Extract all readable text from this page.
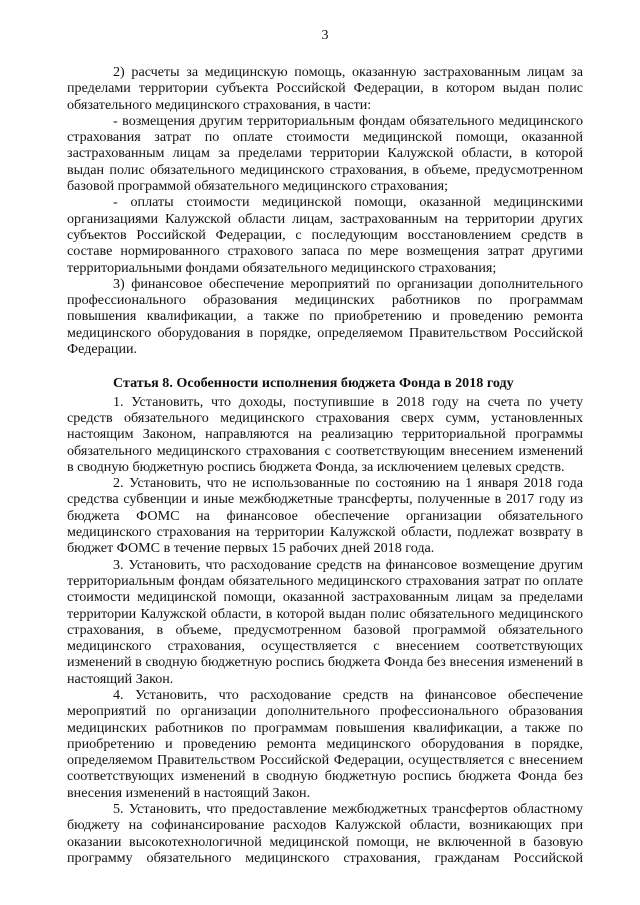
3

2) расчеты за медицинскую помощь, оказанную застрахованным лицам за пределами территории субъекта Российской Федерации, в котором выдан полис обязательного медицинского страхования, в части:

- возмещения другим территориальным фондам обязательного медицинского страхования затрат по оплате стоимости медицинской помощи, оказанной застрахованным лицам за пределами территории Калужской области, в которой выдан полис обязательного медицинского страхования, в объеме, предусмотренном базовой программой обязательного медицинского страхования;

- оплаты стоимости медицинской помощи, оказанной медицинскими организациями Калужской области лицам, застрахованным на территории других субъектов Российской Федерации, с последующим восстановлением средств в составе нормированного страхового запаса по мере возмещения затрат другими территориальными фондами обязательного медицинского страхования;

3) финансовое обеспечение мероприятий по организации дополнительного профессионального образования медицинских работников по программам повышения квалификации, а также по приобретению и проведению ремонта медицинского оборудования в порядке, определяемом Правительством Российской Федерации.

Статья 8. Особенности исполнения бюджета Фонда в 2018 году

1. Установить, что доходы, поступившие в 2018 году на счета по учету средств обязательного медицинского страхования сверх сумм, установленных настоящим Законом, направляются на реализацию территориальной программы обязательного медицинского страхования с соответствующим внесением изменений в сводную бюджетную роспись бюджета Фонда, за исключением целевых средств.

2. Установить, что не использованные по состоянию на 1 января 2018 года средства субвенции и иные межбюджетные трансферты, полученные в 2017 году из бюджета ФОМС на финансовое обеспечение организации обязательного медицинского страхования на территории Калужской области, подлежат возврату в бюджет ФОМС в течение первых 15 рабочих дней 2018 года.

3. Установить, что расходование средств на финансовое возмещение другим территориальным фондам обязательного медицинского страхования затрат по оплате стоимости медицинской помощи, оказанной застрахованным лицам за пределами территории Калужской области, в которой выдан полис обязательного медицинского страхования, в объеме, предусмотренном базовой программой обязательного медицинского страхования, осуществляется с внесением соответствующих изменений в сводную бюджетную роспись бюджета Фонда без внесения изменений в настоящий Закон.

4. Установить, что расходование средств на финансовое обеспечение мероприятий по организации дополнительного профессионального образования медицинских работников по программам повышения квалификации, а также по приобретению и проведению ремонта медицинского оборудования в порядке, определяемом Правительством Российской Федерации, осуществляется с внесением соответствующих изменений в сводную бюджетную роспись бюджета Фонда без внесения изменений в настоящий Закон.

5. Установить, что предоставление межбюджетных трансфертов областному бюджету на софинансирование расходов Калужской области, возникающих при оказании высокотехнологичной медицинской помощи, не включенной в базовую программу обязательного медицинского страхования, гражданам Российской
